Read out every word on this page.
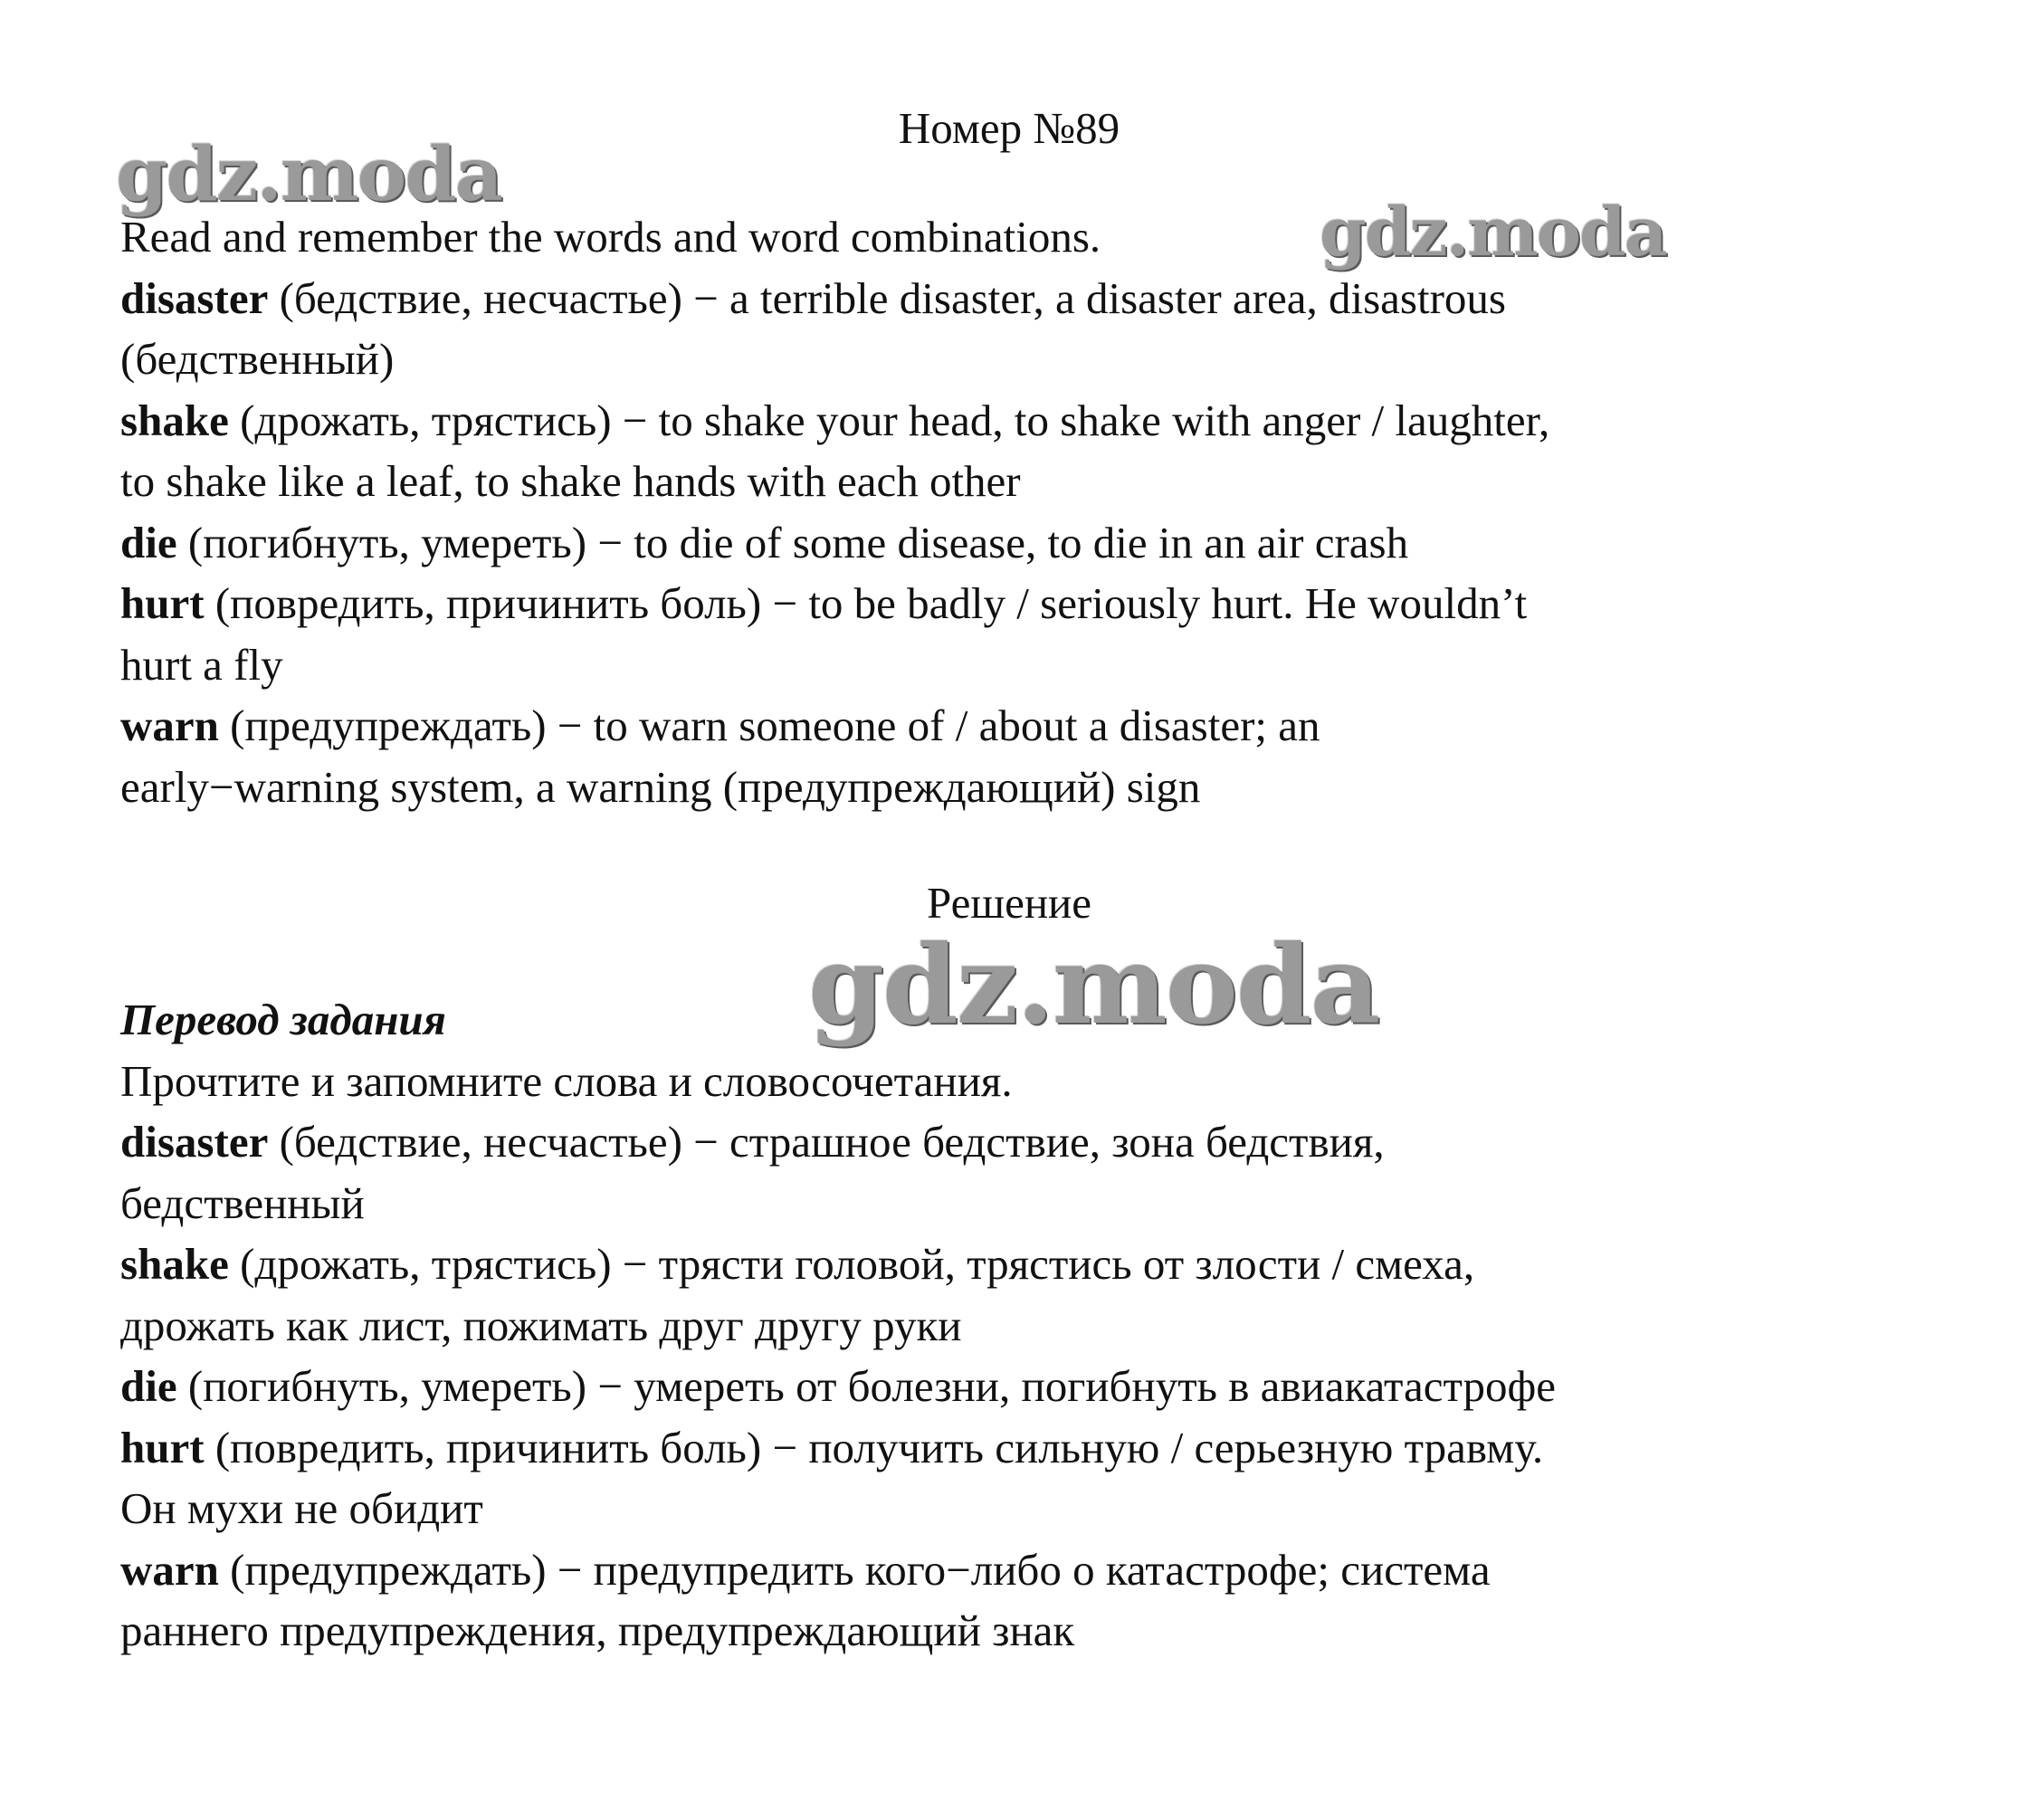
Номер №89
gdz.moda
gdz.moda
Read and remember the words and word combinations.
disaster (бедствие, несчастье) − a terrible disaster, a disaster area, disastrous
(бедственный)
shake (дрожать, трястись) − to shake your head, to shake with anger / laughter,
to shake like a leaf, to shake hands with each other
die (погибнуть, умереть) − to die of some disease, to die in an air crash
hurt (повредить, причинить боль) − to be badly / seriously hurt. He wouldn’t
hurt a fly
warn (предупреждать) − to warn someone of / about a disaster; an
early−warning system, a warning (предупреждающий) sign
Решение
gdz.moda
Перевод задания
Прочтите и запомните слова и словосочетания.
disaster (бедствие, несчастье) − страшное бедствие, зона бедствия,
бедственный
shake (дрожать, трястись) − трясти головой, трястись от злости / смеха,
дрожать как лист, пожимать друг другу руки
die (погибнуть, умереть) − умереть от болезни, погибнуть в авиакатастрофе
hurt (повредить, причинить боль) − получить сильную / серьезную травму.
Он мухи не обидит
warn (предупреждать) − предупредить кого−либо о катастрофе; система
раннего предупреждения, предупреждающий знак
